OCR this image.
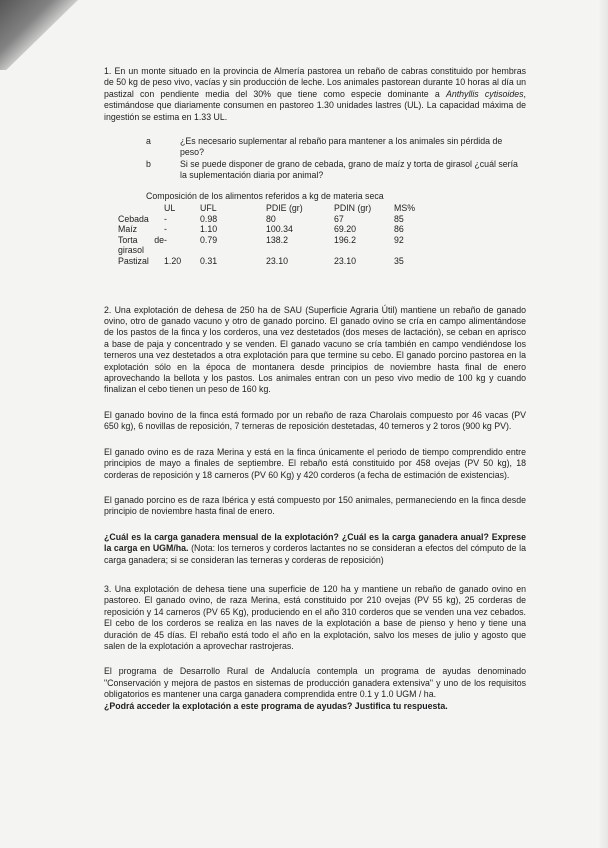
1. En un monte situado en la provincia de Almería pastorea un rebaño de cabras constituido por hembras de 50 kg de peso vivo, vacías y sin producción de leche. Los animales pastorean durante 10 horas al día un pastizal con pendiente media del 30% que tiene como especie dominante a Anthyllis cytisoides, estimándose que diariamente consumen en pastoreo 1.30 unidades lastres (UL). La capacidad máxima de ingestión se estima en 1.33 UL.

a	¿Es necesario suplementar al rebaño para mantener a los animales sin pérdida de peso?
b	Si se puede disponer de grano de cebada, grano de maíz y torta de girasol ¿cuál sería la suplementación diaria por animal?
Composición de los alimentos referidos a kg de materia seca
	UL	UFL	PDIE (gr)	PDIN (gr)	MS%
Cebada	-	0.98	80	67	85
Maíz	-	1.10	100.34	69.20	86
Torta de girasol	-	0.79	138.2	196.2	92
Pastizal	1.20	0.31	23.10	23.10	35

2. Una explotación de dehesa de 250 ha de SAU (Superficie Agraria Útil) mantiene un rebaño de ganado ovino, otro de ganado vacuno y otro de ganado porcino. El ganado ovino se cría en campo alimentándose de los pastos de la finca y los corderos, una vez destetados (dos meses de lactación), se ceban en aprisco a base de paja y concentrado y se venden. El ganado vacuno se cría también en campo vendiéndose los terneros una vez destetados a otra explotación para que termine su cebo. El ganado porcino pastorea en la explotación sólo en la época de montanera desde principios de noviembre hasta final de enero aprovechando la bellota y los pastos. Los animales entran con un peso vivo medio de 100 kg y cuando finalizan el cebo tienen un peso de 160 kg.

El ganado bovino de la finca está formado por un rebaño de raza Charolais compuesto por 46 vacas (PV 650 kg), 6 novillas de reposición, 7 terneras de reposición destetadas, 40 terneros y 2 toros (900 kg PV).

El ganado ovino es de raza Merina y está en la finca únicamente el periodo de tiempo comprendido entre principios de mayo a finales de septiembre. El rebaño está constituido por 458 ovejas (PV 50 kg), 18 corderas de reposición y 18 carneros (PV 60 Kg) y 420 corderos (a fecha de estimación de existencias).

El ganado porcino es de raza Ibérica y está compuesto por 150 animales, permaneciendo en la finca desde principio de noviembre hasta final de enero.

¿Cuál es la carga ganadera mensual de la explotación? ¿Cuál es la carga ganadera anual? Exprese la carga en UGM/ha. (Nota: los terneros y corderos lactantes no se consideran a efectos del cómputo de la carga ganadera; si se consideran las terneras y corderas de reposición)

3. Una explotación de dehesa tiene una superficie de 120 ha y mantiene un rebaño de ganado ovino en pastoreo. El ganado ovino, de raza Merina, está constituido por 210 ovejas (PV 55 kg), 25 corderas de reposición y 14 carneros (PV 65 Kg), produciendo en el año 310 corderos que se venden una vez cebados. El cebo de los corderos se realiza en las naves de la explotación a base de pienso y heno y tiene una duración de 45 días. El rebaño está todo el año en la explotación, salvo los meses de julio y agosto que salen de la explotación a aprovechar rastrojeras.

El programa de Desarrollo Rural de Andalucía contempla un programa de ayudas denominado "Conservación y mejora de pastos en sistemas de producción ganadera extensiva" y uno de los requisitos obligatorios es mantener una carga ganadera comprendida entre 0.1 y 1.0 UGM / ha.

¿Podrá acceder la explotación a este programa de ayudas? Justifica tu respuesta.
